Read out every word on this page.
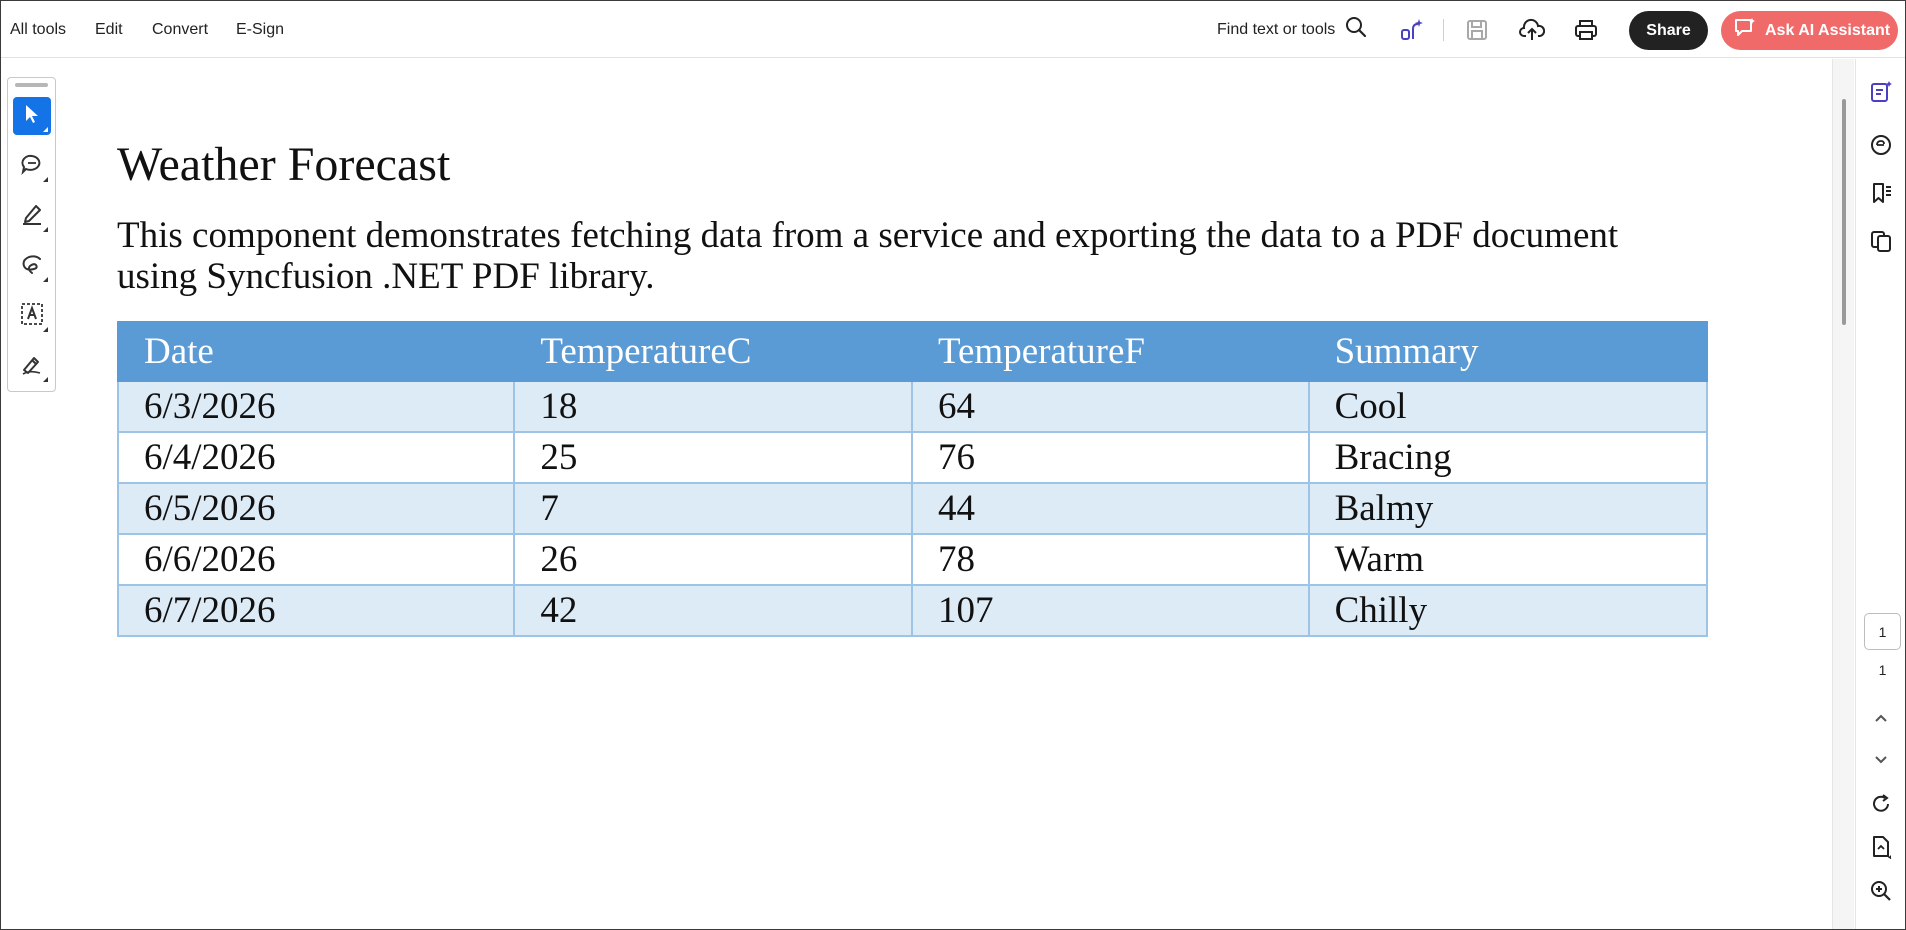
All tools Edit Convert E-Sign	Find text or tools	Share	Ask AI Assistant
Weather Forecast
This component demonstrates fetching data from a service and exporting the data to a PDF document using Syncfusion .NET PDF library.
Date	TemperatureC	TemperatureF	Summary
6/3/2026	18	64	Cool
6/4/2026	25	76	Bracing
6/5/2026	7	44	Balmy
6/6/2026	26	78	Warm
6/7/2026	42	107	Chilly
1
1
